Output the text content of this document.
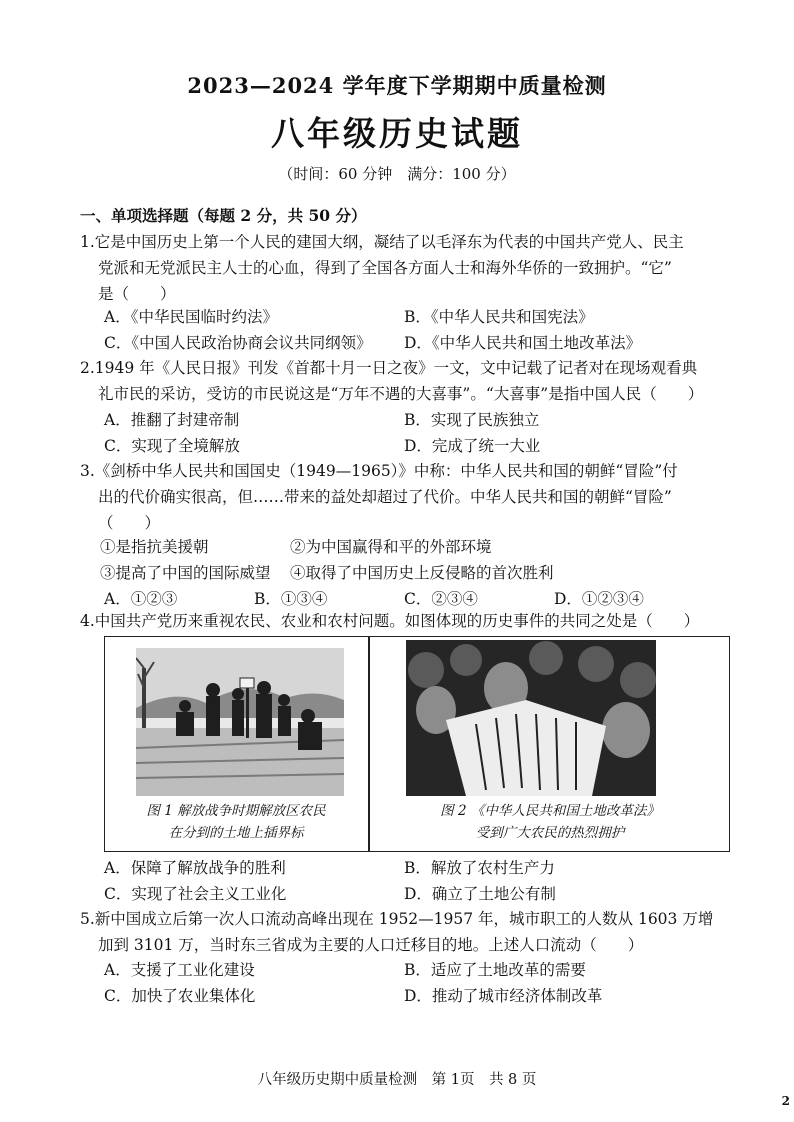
2023—2024 学年度下学期期中质量检测
八年级历史试题
（时间：60 分钟　满分：100 分）
一、单项选择题（每题 2 分，共 50 分）
1.它是中国历史上第一个人民的建国大纲，凝结了以毛泽东为代表的中国共产党人、民主
党派和无党派民主人士的心血，得到了全国各方面人士和海外华侨的一致拥护。“它”
是（　　）
A．《中华民国临时约法》	B．《中华人民共和国宪法》
C．《中国人民政治协商会议共同纲领》 D．《中华人民共和国土地改革法》
2.1949 年《人民日报》刊发《首都十月一日之夜》一文，文中记载了记者对在现场观看典
礼市民的采访，受访的市民说这是“万年不遇的大喜事”。“大喜事”是指中国人民（　　）
A．推翻了封建帝制	B．实现了民族独立
C．实现了全境解放	D．完成了统一大业
3.《剑桥中华人民共和国国史（1949—1965）》中称：中华人民共和国的朝鲜“冒险”付
出的代价确实很高，但……带来的益处却超过了代价。中华人民共和国的朝鲜“冒险”
（　　）
①是指抗美援朝	②为中国赢得和平的外部环境
③提高了中国的国际威望 ④取得了中国历史上反侵略的首次胜利
A．①②③	B．①③④	C．②③④	D．①②③④
4.中国共产党历来重视农民、农业和农村问题。如图体现的历史事件的共同之处是（　　）
图 1 解放战争时期解放区农民
在分到的土地上插界标
图 2 《中华人民共和国土地改革法》
受到广大农民的热烈拥护
A．保障了解放战争的胜利	B．解放了农村生产力
C．实现了社会主义工业化	D．确立了土地公有制
5.新中国成立后第一次人口流动高峰出现在 1952—1957 年，城市职工的人数从 1603 万增
加到 3101 万，当时东三省成为主要的人口迁移目的地。上述人口流动（　　）
A．支援了工业化建设	B．适应了土地改革的需要
C．加快了农业集体化	D．推动了城市经济体制改革
八年级历史期中质量检测　第 1页　共 8 页
2
